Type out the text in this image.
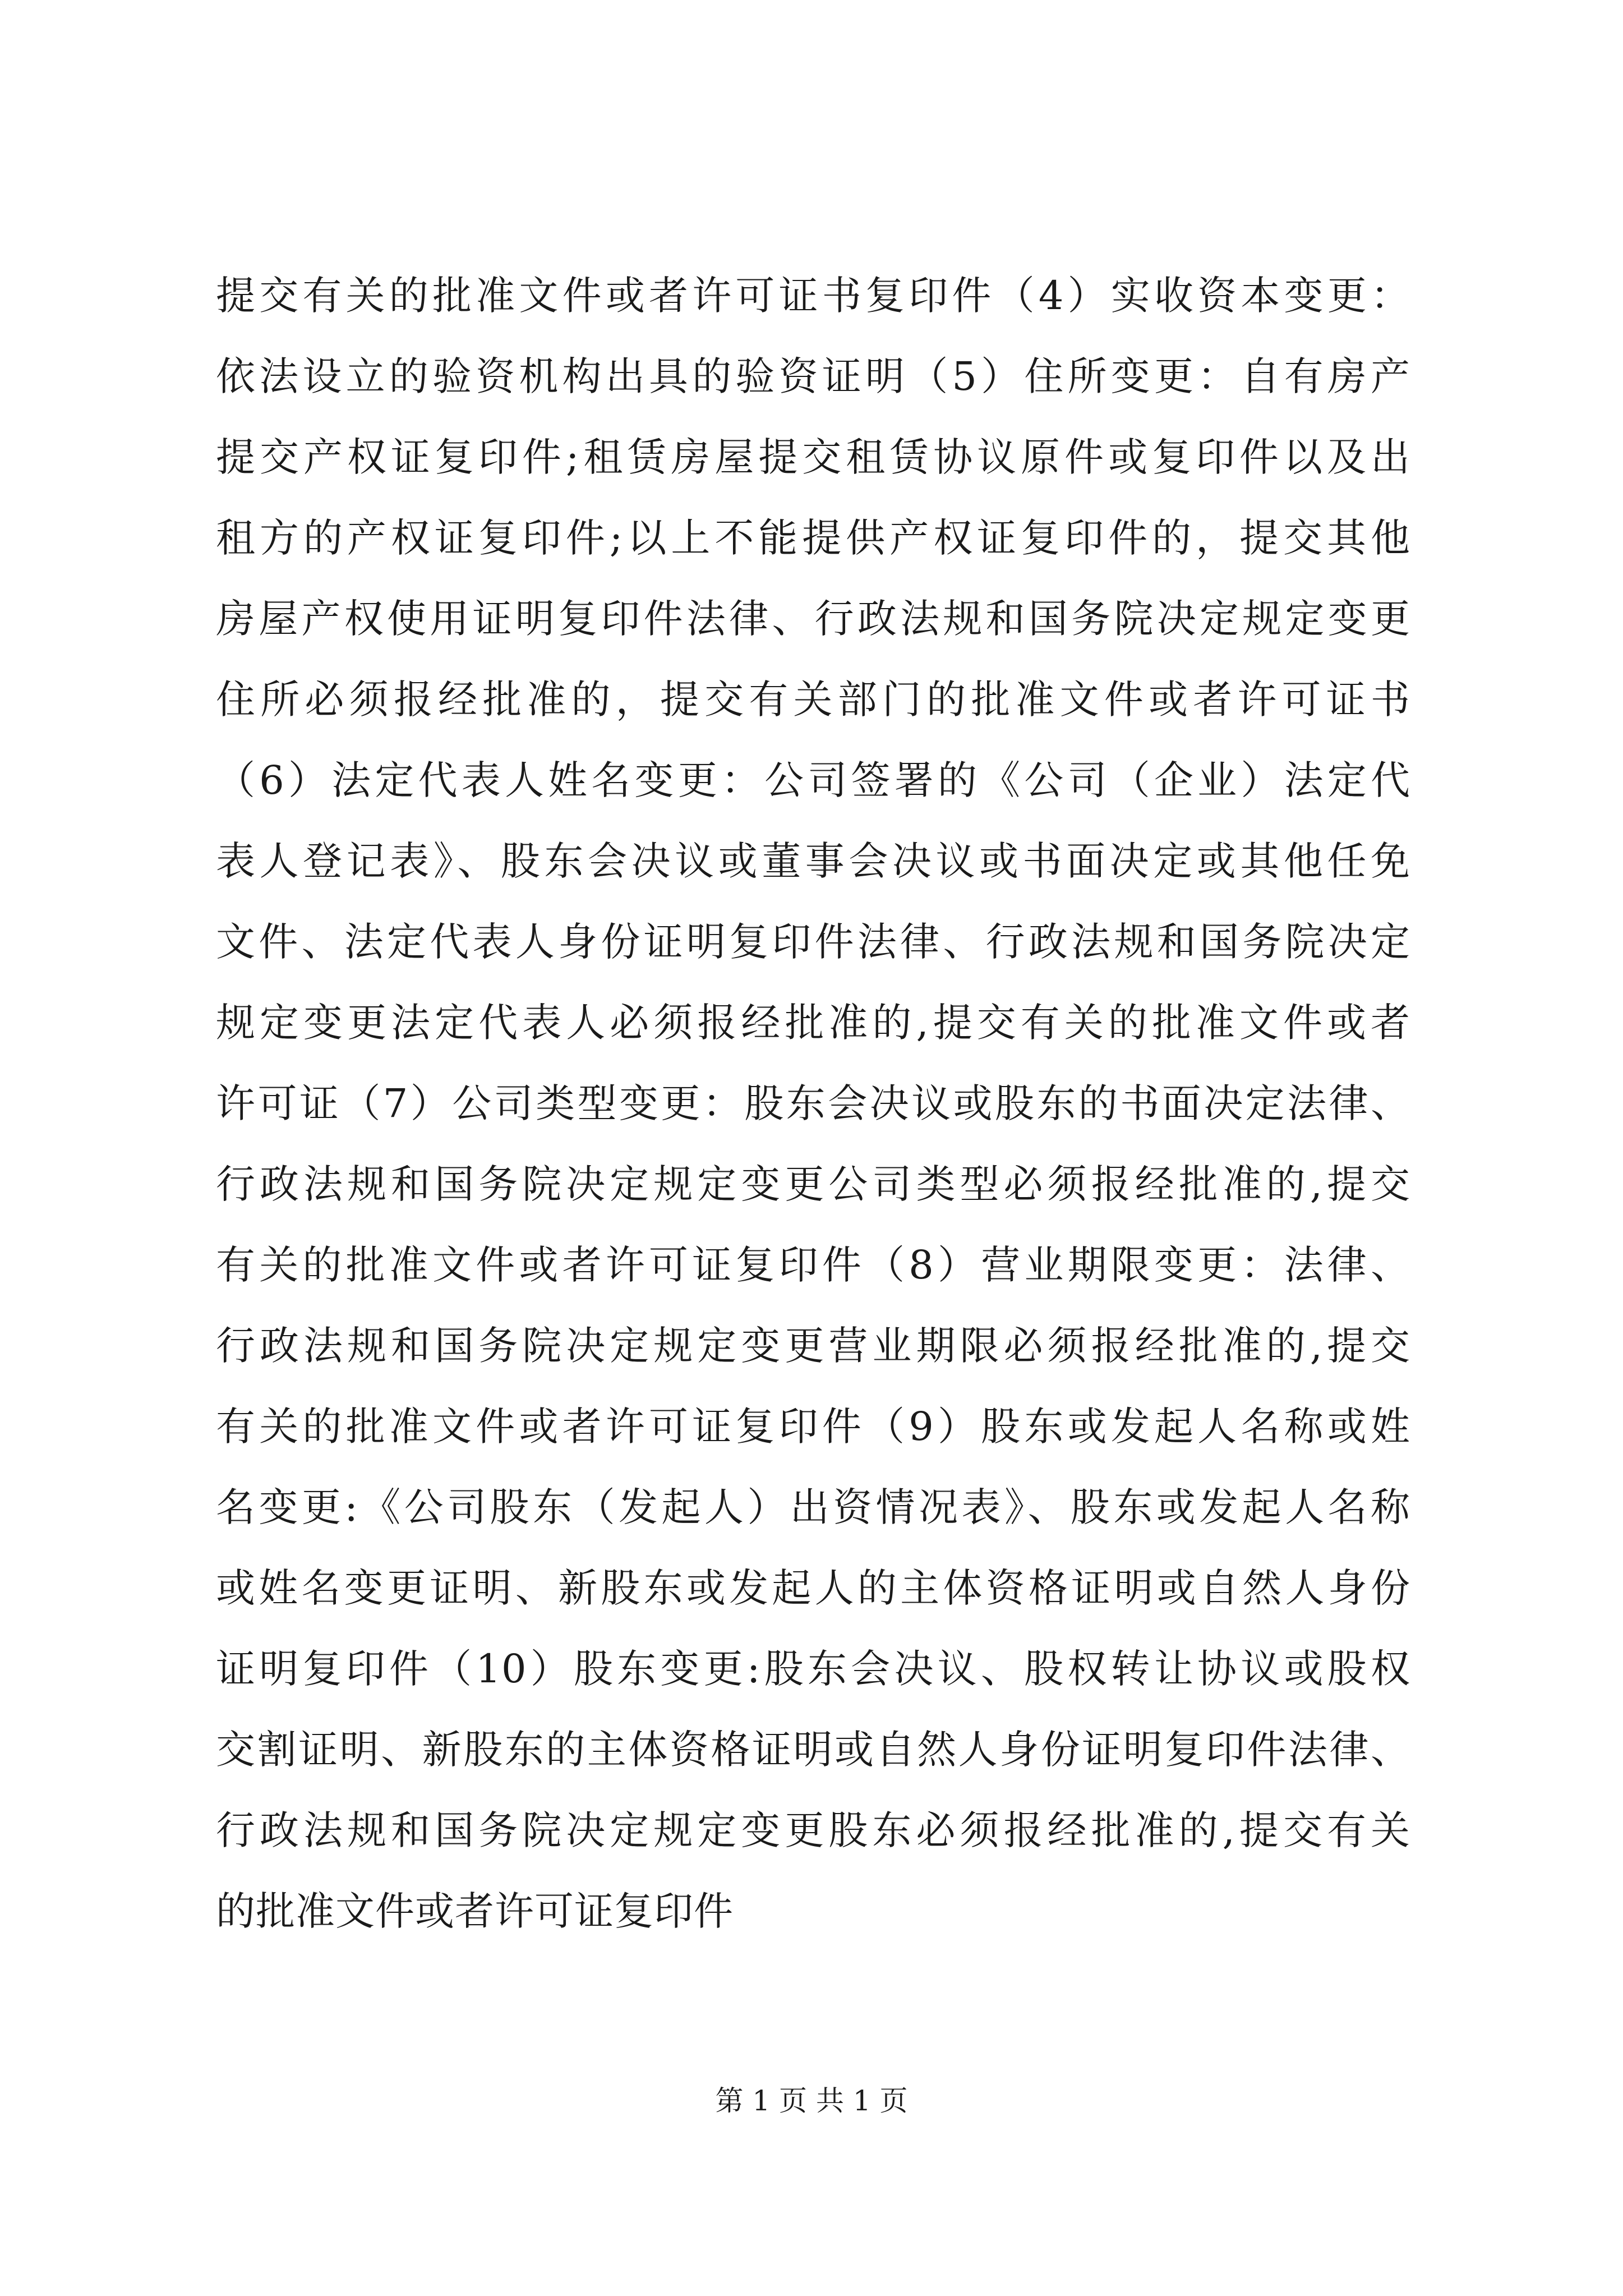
提交有关的批准文件或者许可证书复印件（4）实收资本变更：
依法设立的验资机构出具的验资证明（5）住所变更：自有房产
提交产权证复印件;租赁房屋提交租赁协议原件或复印件以及出
租方的产权证复印件;以上不能提供产权证复印件的，提交其他
房屋产权使用证明复印件法律、行政法规和国务院决定规定变更
住所必须报经批准的，提交有关部门的批准文件或者许可证书
（6）法定代表人姓名变更：公司签署的《公司（企业）法定代
表人登记表》、股东会决议或董事会决议或书面决定或其他任免
文件、法定代表人身份证明复印件法律、行政法规和国务院决定
规定变更法定代表人必须报经批准的,提交有关的批准文件或者
许可证（7）公司类型变更：股东会决议或股东的书面决定法律、
行政法规和国务院决定规定变更公司类型必须报经批准的,提交
有关的批准文件或者许可证复印件（8）营业期限变更：法律、
行政法规和国务院决定规定变更营业期限必须报经批准的,提交
有关的批准文件或者许可证复印件（9）股东或发起人名称或姓
名变更:《公司股东（发起人）出资情况表》、股东或发起人名称
或姓名变更证明、新股东或发起人的主体资格证明或自然人身份
证明复印件（10）股东变更:股东会决议、股权转让协议或股权
交割证明、新股东的主体资格证明或自然人身份证明复印件法律、
行政法规和国务院决定规定变更股东必须报经批准的,提交有关
的批准文件或者许可证复印件
第 1 页 共 1 页
